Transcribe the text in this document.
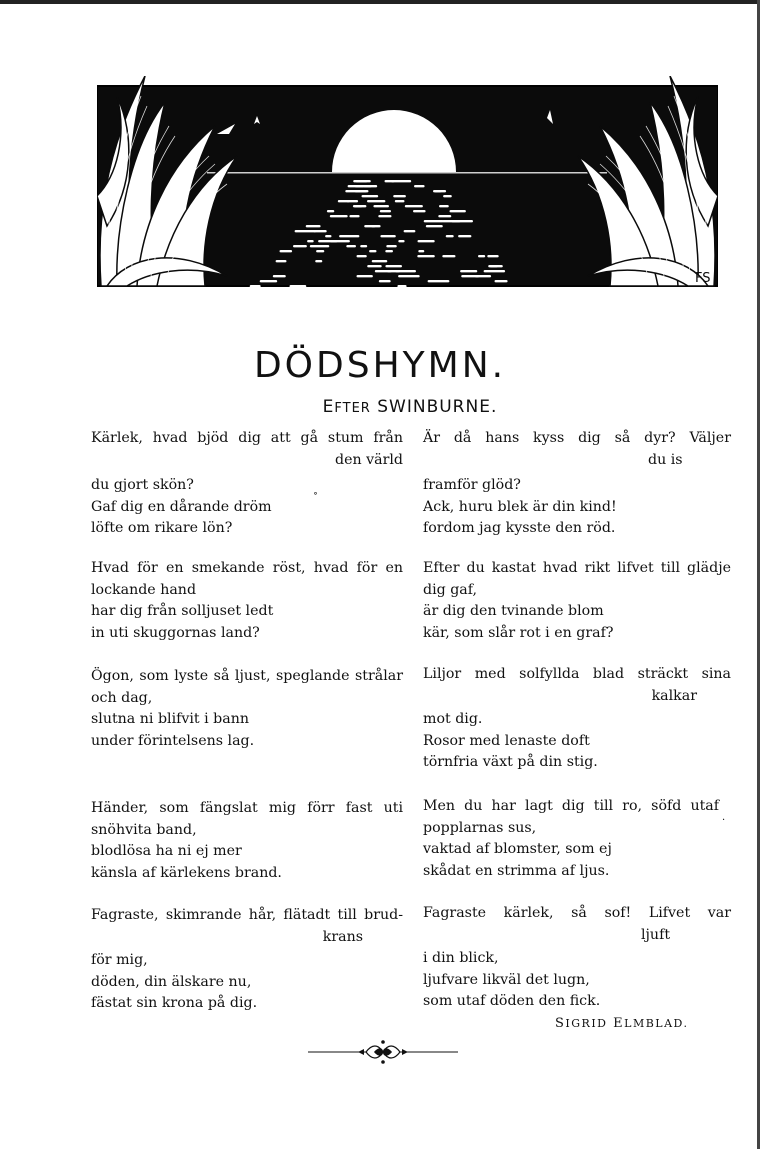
FS
DÖDSHYMN.
EFTER SWINBURNE.
Kärlek, hvad bjöd dig att gå stum från
den värld
du gjort skön?
Gaf dig en dårande dröm
löfte om rikare lön?
Hvad för en smekande röst, hvad för en
lockande hand
har dig från solljuset ledt
in uti skuggornas land?
Ögon, som lyste så ljust, speglande strålar
och dag,
slutna ni blifvit i bann
under förintelsens lag.
Händer, som fängslat mig förr fast uti
snöhvita band,
blodlösa ha ni ej mer
känsla af kärlekens brand.
Fagraste, skimrande hår, flätadt till brud-
krans
för mig,
döden, din älskare nu,
fästat sin krona på dig.
Är då hans kyss dig så dyr? Väljer
du is
framför glöd?
Ack, huru blek är din kind!
fordom jag kysste den röd.
Efter du kastat hvad rikt lifvet till glädje
dig gaf,
är dig den tvinande blom
kär, som slår rot i en graf?
Liljor med solfyllda blad sträckt sina
kalkar
mot dig.
Rosor med lenaste doft
törnfria växt på din stig.
Men du har lagt dig till ro, söfd utaf
popplarnas sus,
vaktad af blomster, som ej
skådat en strimma af ljus.
Fagraste kärlek, så sof! Lifvet var
ljuft
i din blick,
ljufvare likväl det lugn,
som utaf döden den fick.
SIGRID ELMBLAD.
˚
·
